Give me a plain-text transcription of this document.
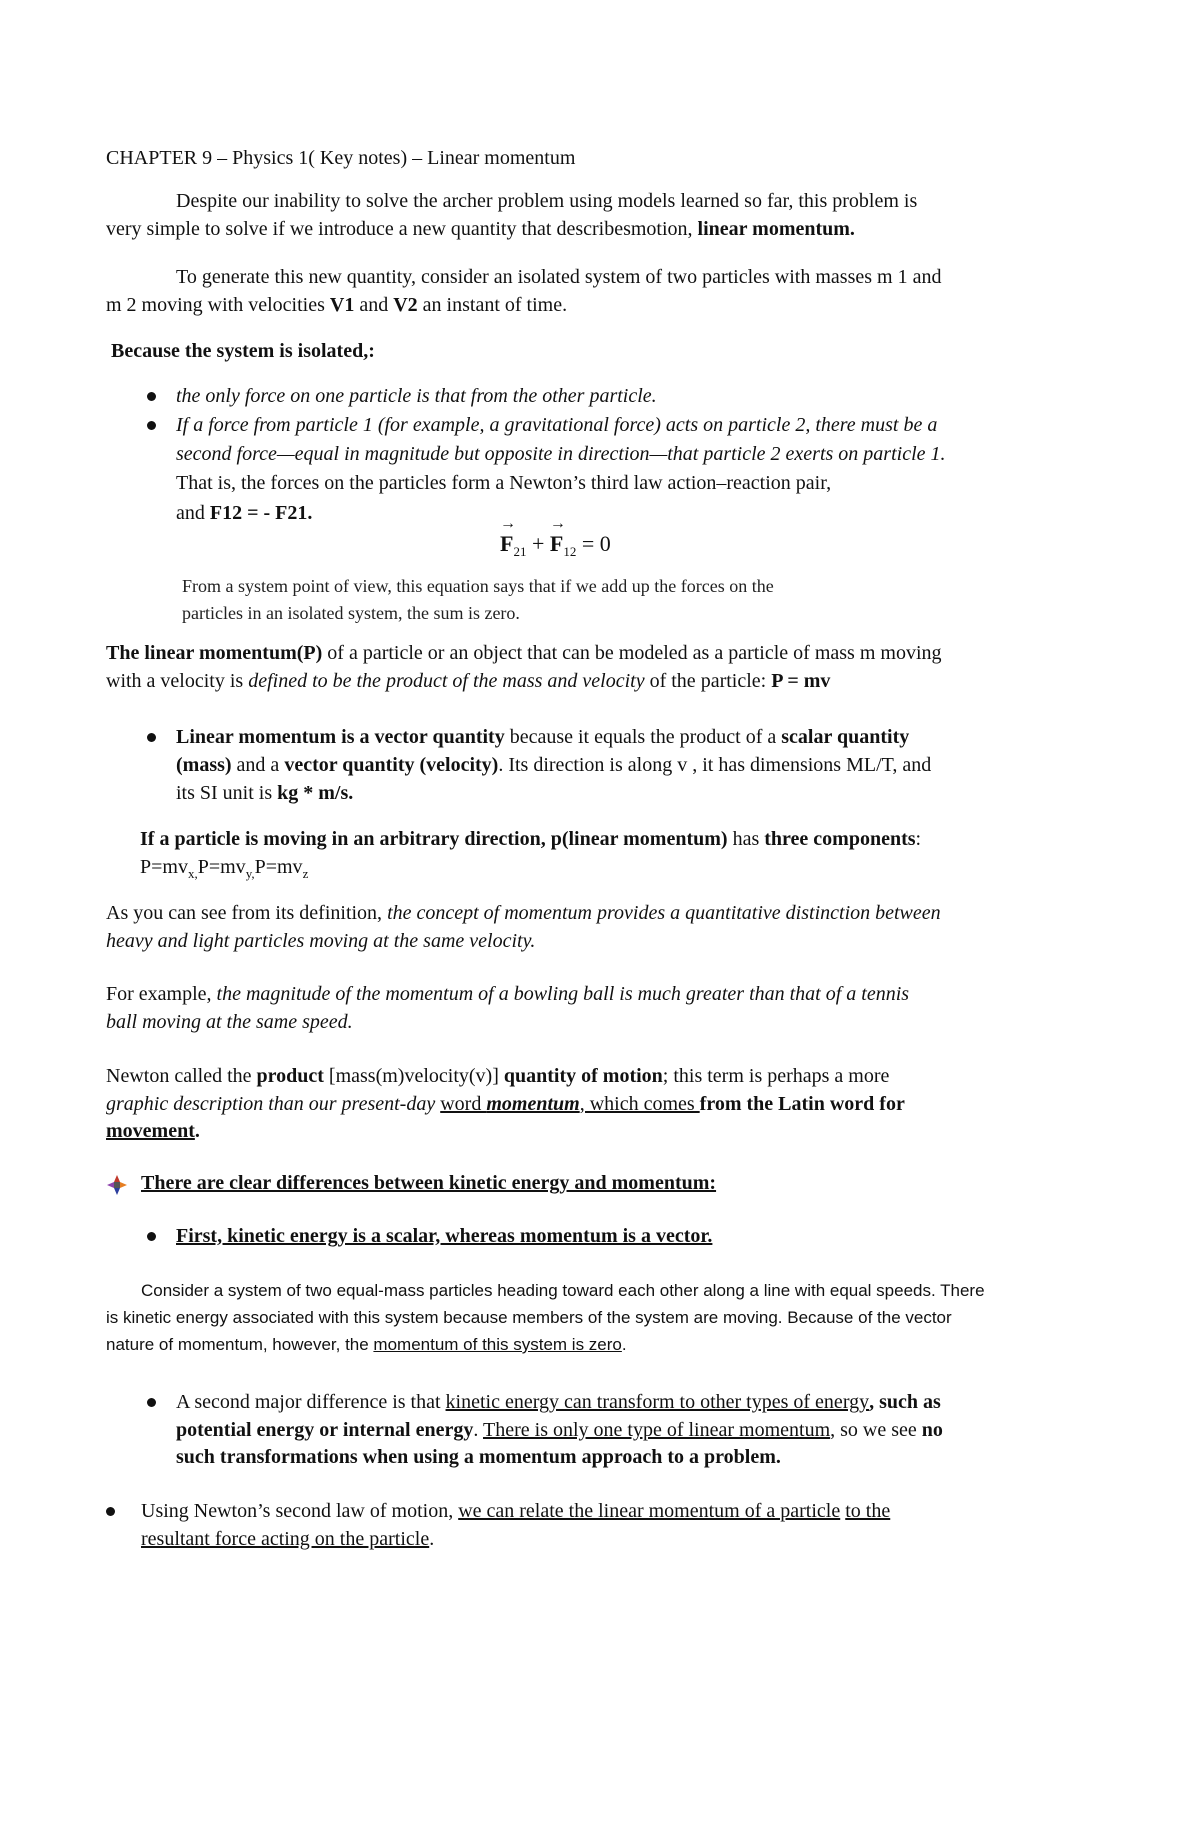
CHAPTER 9 – Physics 1( Key notes) – Linear momentum
Despite our inability to solve the archer problem using models learned so far, this problem is
very simple to solve if we introduce a new quantity that describesmotion, linear momentum.
To generate this new quantity, consider an isolated system of two particles with masses m 1 and
m 2 moving with velocities V1 and V2 an instant of time.
Because the system is isolated,:
the only force on one particle is that from the other particle.
If a force from particle 1 (for example, a gravitational force) acts on particle 2, there must be a
second force—equal in magnitude but opposite in direction—that particle 2 exerts on particle 1.
That is, the forces on the particles form a Newton’s third law action–reaction pair,
and F12 = - F21.
→ $F_{21}$ + → $F_{12} = 0$
From a system point of view, this equation says that if we add up the forces on the
particles in an isolated system, the sum is zero.
The linear momentum(P) of a particle or an object that can be modeled as a particle of mass m moving
with a velocity is defined to be the product of the mass and velocity of the particle: P = mv
Linear momentum is a vector quantity because it equals the product of a scalar quantity
(mass) and a vector quantity (velocity). Its direction is along v , it has dimensions ML/T, and
its SI unit is kg * m/s.
If a particle is moving in an arbitrary direction, p(linear momentum) has three components:
$P=mv_{x,}P=mv_{y,}P=mv_z$
As you can see from its definition, the concept of momentum provides a quantitative distinction between
heavy and light particles moving at the same velocity.
For example, the magnitude of the momentum of a bowling ball is much greater than that of a tennis
ball moving at the same speed.
Newton called the product [mass(m)velocity(v)] quantity of motion; this term is perhaps a more
graphic description than our present-day word momentum, which comes from the Latin word for
movement.
There are clear differences between kinetic energy and momentum:
First, kinetic energy is a scalar, whereas momentum is a vector.
Consider a system of two equal-mass particles heading toward each other along a line with equal speeds. There
is kinetic energy associated with this system because members of the system are moving. Because of the vector
nature of momentum, however, the momentum of this system is zero.
A second major difference is that kinetic energy can transform to other types of energy, such as
potential energy or internal energy. There is only one type of linear momentum, so we see no
such transformations when using a momentum approach to a problem.
Using Newton’s second law of motion, we can relate the linear momentum of a particle to the
resultant force acting on the particle.
